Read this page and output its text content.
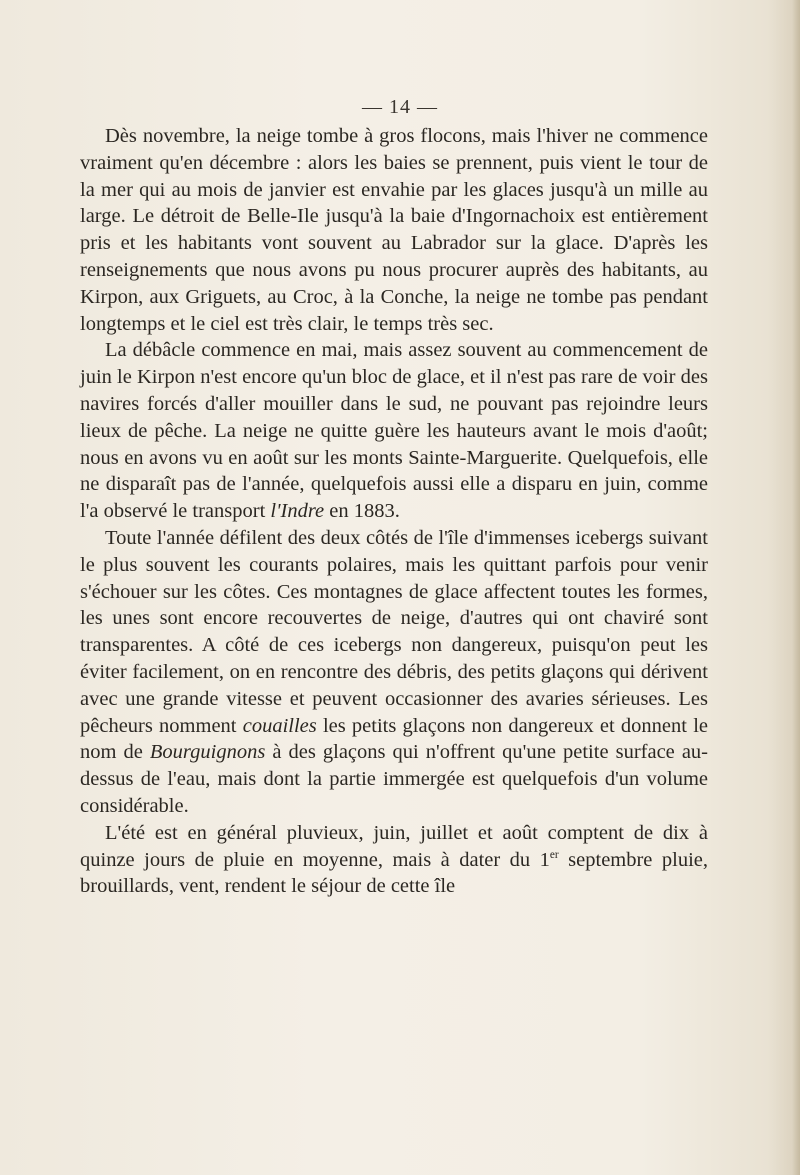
— 14 —

Dès novembre, la neige tombe à gros flocons, mais l'hiver ne commence vraiment qu'en décembre : alors les baies se prennent, puis vient le tour de la mer qui au mois de janvier est envahie par les glaces jusqu'à un mille au large. Le détroit de Belle-Ile jusqu'à la baie d'Ingornachoix est entièrement pris et les habitants vont souvent au Labrador sur la glace. D'après les renseignements que nous avons pu nous procurer auprès des habitants, au Kirpon, aux Griguets, au Croc, à la Conche, la neige ne tombe pas pendant longtemps et le ciel est très clair, le temps très sec.

La débâcle commence en mai, mais assez souvent au commencement de juin le Kirpon n'est encore qu'un bloc de glace, et il n'est pas rare de voir des navires forcés d'aller mouiller dans le sud, ne pouvant pas rejoindre leurs lieux de pêche. La neige ne quitte guère les hauteurs avant le mois d'août; nous en avons vu en août sur les monts Sainte-Marguerite. Quelquefois, elle ne disparaît pas de l'année, quelquefois aussi elle a disparu en juin, comme l'a observé le transport l'Indre en 1883.

Toute l'année défilent des deux côtés de l'île d'immenses icebergs suivant le plus souvent les courants polaires, mais les quittant parfois pour venir s'échouer sur les côtes. Ces montagnes de glace affectent toutes les formes, les unes sont encore recouvertes de neige, d'autres qui ont chaviré sont transparentes. A côté de ces icebergs non dangereux, puisqu'on peut les éviter facilement, on en rencontre des débris, des petits glaçons qui dérivent avec une grande vitesse et peuvent occasionner des avaries sérieuses. Les pêcheurs nomment couailles les petits glaçons non dangereux et donnent le nom de Bourguignons à des glaçons qui n'offrent qu'une petite surface au-dessus de l'eau, mais dont la partie immergée est quelquefois d'un volume considérable.

L'été est en général pluvieux, juin, juillet et août comptent de dix à quinze jours de pluie en moyenne, mais à dater du 1er septembre pluie, brouillards, vent, rendent le séjour de cette île
